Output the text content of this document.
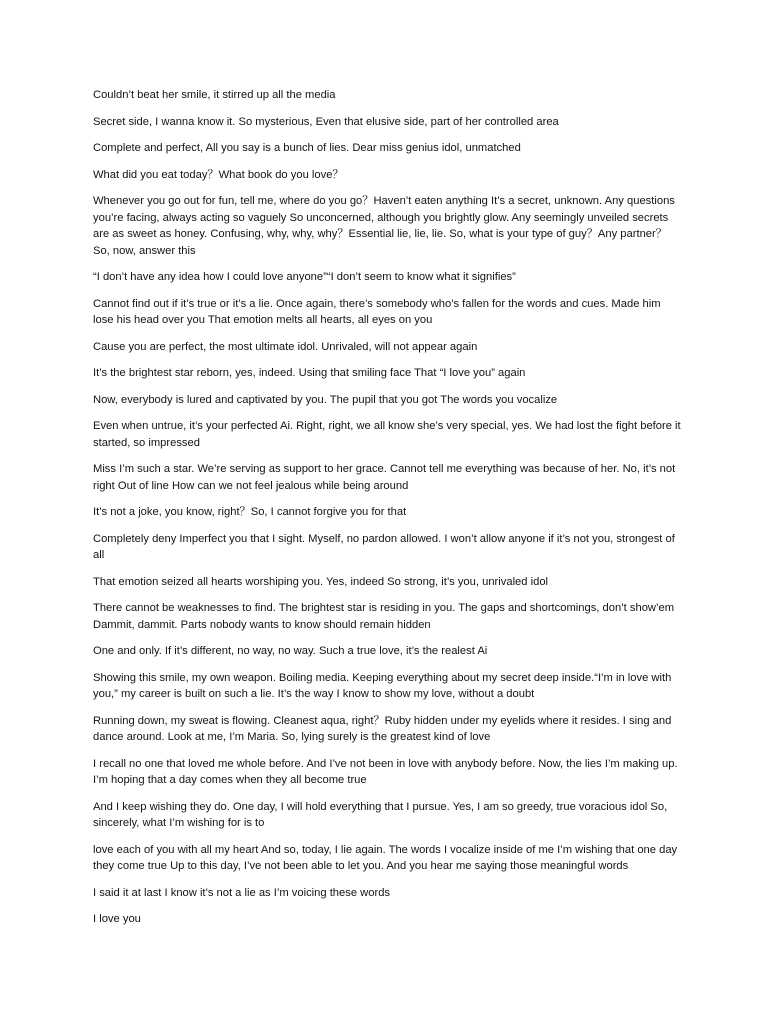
Couldn’t beat her smile, it stirred up all the media

Secret side, I wanna know it. So mysterious, Even that elusive side, part of her controlled area

Complete and perfect, All you say is a bunch of lies. Dear miss genius idol, unmatched

What did you eat today？What book do you love？

Whenever you go out for fun, tell me, where do you go？Haven’t eaten anything It’s a secret, unknown. Any questions you’re facing, always acting so vaguely So unconcerned, although you brightly glow. Any seemingly unveiled secrets are as sweet as honey. Confusing, why, why, why？Essential lie, lie, lie. So, what is your type of guy？Any partner？So, now, answer this

“I don’t have any idea how I could love anyone”“I don’t seem to know what it signifies”

Cannot find out if it’s true or it’s a lie. Once again, there’s somebody who’s fallen for the words and cues. Made him lose his head over you That emotion melts all hearts, all eyes on you

Cause you are perfect, the most ultimate idol. Unrivaled, will not appear again

It’s the brightest star reborn, yes, indeed. Using that smiling face That “I love you” again

Now, everybody is lured and captivated by you. The pupil that you got The words you vocalize

Even when untrue, it’s your perfected Ai. Right, right, we all know she’s very special, yes. We had lost the fight before it started, so impressed

Miss I’m such a star. We’re serving as support to her grace. Cannot tell me everything was because of her. No, it’s not right Out of line How can we not feel jealous while being around

It’s not a joke, you know, right？So, I cannot forgive you for that

Completely deny Imperfect you that I sight. Myself, no pardon allowed. I won’t allow anyone if it’s not you, strongest of all

That emotion seized all hearts worshiping you. Yes, indeed So strong, it’s you, unrivaled idol

There cannot be weaknesses to find. The brightest star is residing in you. The gaps and shortcomings, don’t show’em Dammit, dammit. Parts nobody wants to know should remain hidden

One and only. If it’s different, no way, no way. Such a true love, it’s the realest Ai

Showing this smile, my own weapon. Boiling media. Keeping everything about my secret deep inside.“I’m in love with you,” my career is built on such a lie. It’s the way I know to show my love, without a doubt

Running down, my sweat is flowing. Cleanest aqua, right？Ruby hidden under my eyelids where it resides. I sing and dance around. Look at me, I’m Maria. So, lying surely is the greatest kind of love

I recall no one that loved me whole before. And I’ve not been in love with anybody before. Now, the lies I’m making up. I’m hoping that a day comes when they all become true

And I keep wishing they do. One day, I will hold everything that I pursue. Yes, I am so greedy, true voracious idol So, sincerely, what I’m wishing for is to

love each of you with all my heart And so, today, I lie again. The words I vocalize inside of me I’m wishing that one day they come true Up to this day, I’ve not been able to let you. And you hear me saying those meaningful words

I said it at last I know it’s not a lie as I’m voicing these words

I love you
